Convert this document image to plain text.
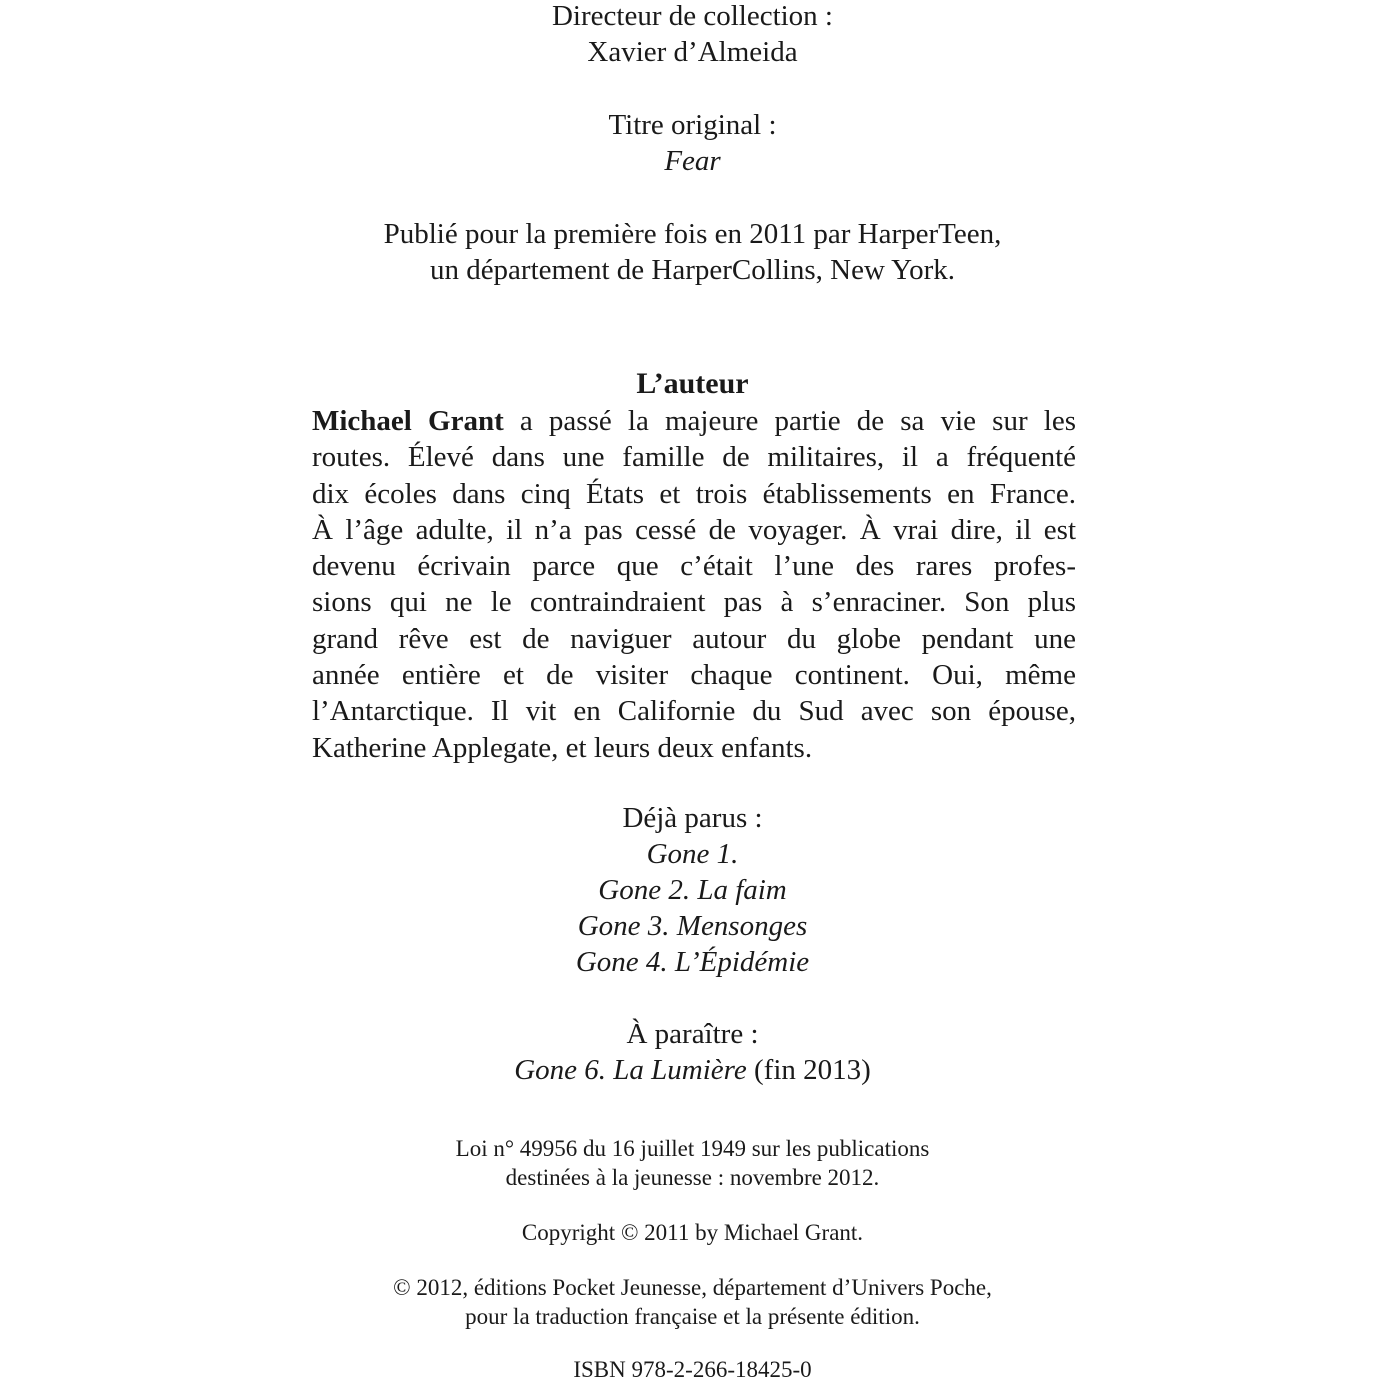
Directeur de collection :
Xavier d’Almeida
Titre original :
Fear
Publié pour la première fois en 2011 par HarperTeen,
un département de HarperCollins, New York.
L’auteur
Michael Grant a passé la majeure partie de sa vie sur les
routes. Élevé dans une famille de militaires, il a fréquenté
dix écoles dans cinq États et trois établissements en France.
À l’âge adulte, il n’a pas cessé de voyager. À vrai dire, il est
devenu écrivain parce que c’était l’une des rares profes-
sions qui ne le contraindraient pas à s’enraciner. Son plus
grand rêve est de naviguer autour du globe pendant une
année entière et de visiter chaque continent. Oui, même
l’Antarctique. Il vit en Californie du Sud avec son épouse,
Katherine Applegate, et leurs deux enfants.
Déjà parus :
Gone 1.
Gone 2. La faim
Gone 3. Mensonges
Gone 4. L’Épidémie
À paraître :
Gone 6. La Lumière (fin 2013)
Loi n° 49956 du 16 juillet 1949 sur les publications
destinées à la jeunesse : novembre 2012.
Copyright © 2011 by Michael Grant.
© 2012, éditions Pocket Jeunesse, département d’Univers Poche,
pour la traduction française et la présente édition.
ISBN 978-2-266-18425-0
